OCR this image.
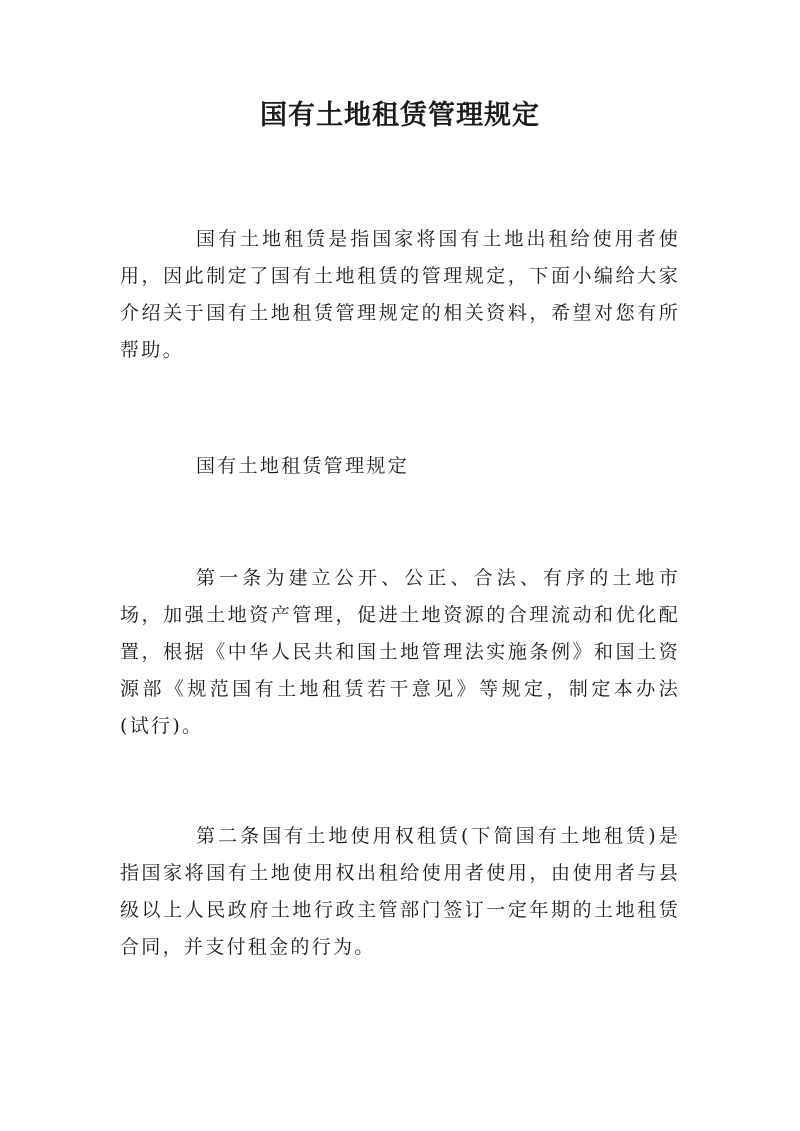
国有土地租赁管理规定

国有土地租赁是指国家将国有土地出租给使用者使用，因此制定了国有土地租赁的管理规定，下面小编给大家介绍关于国有土地租赁管理规定的相关资料，希望对您有所帮助。

国有土地租赁管理规定

第一条为建立公开、公正、合法、有序的土地市场，加强土地资产管理，促进土地资源的合理流动和优化配置，根据《中华人民共和国土地管理法实施条例》和国土资源部《规范国有土地租赁若干意见》等规定，制定本办法(试行)。

第二条国有土地使用权租赁(下简国有土地租赁)是指国家将国有土地使用权出租给使用者使用，由使用者与县级以上人民政府土地行政主管部门签订一定年期的土地租赁合同，并支付租金的行为。
